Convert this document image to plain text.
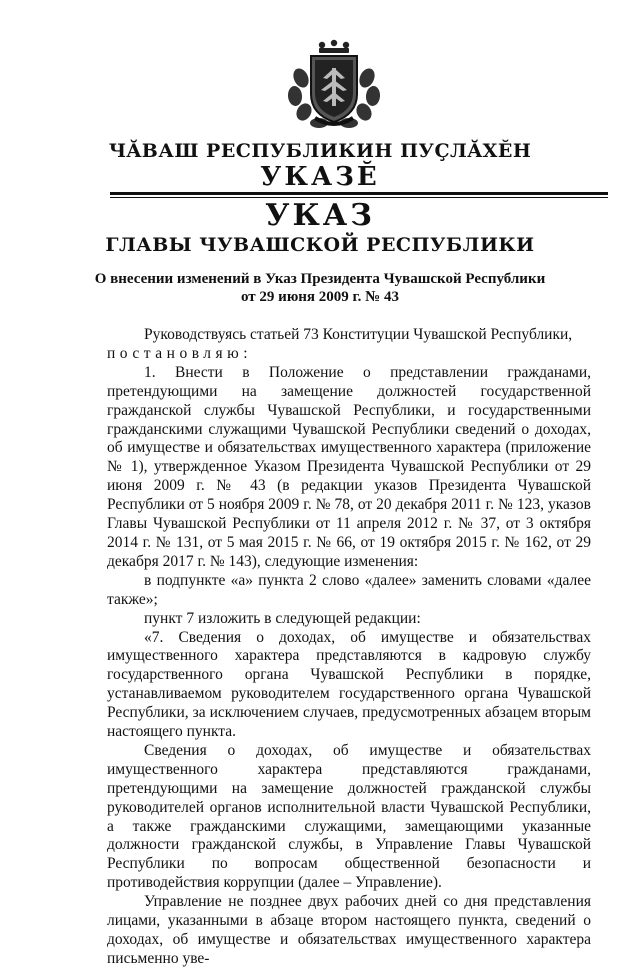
ЧĂВАШ РЕСПУБЛИКИН ПУÇЛĂХĔН
УКАЗĔ
УКАЗ
ГЛАВЫ ЧУВАШСКОЙ РЕСПУБЛИКИ
О внесении изменений в Указ Президента Чувашской Республики
от 29 июня 2009 г. № 43

Руководствуясь статьей 73 Конституции Чувашской Республики,

постановляю:

1. Внести в Положение о представлении гражданами, претендующими на замещение должностей государственной гражданской службы Чувашской Республики, и государственными гражданскими служащими Чувашской Республики сведений о доходах, об имуществе и обязательствах имущественного характера (приложение № 1), утвержденное Указом Президента Чувашской Республики от 29 июня 2009 г. № 43 (в редакции указов Президента Чувашской Республики от 5 ноября 2009 г. № 78, от 20 декабря 2011 г. № 123, указов Главы Чувашской Республики от 11 апреля 2012 г. № 37, от 3 октября 2014 г. № 131, от 5 мая 2015 г. № 66, от 19 октября 2015 г. № 162, от 29 декабря 2017 г. № 143), следующие изменения:

в подпункте «а» пункта 2 слово «далее» заменить словами «далее также»;

пункт 7 изложить в следующей редакции:

«7. Сведения о доходах, об имуществе и обязательствах имущественного характера представляются в кадровую службу государственного органа Чувашской Республики в порядке, устанавливаемом руководителем государственного органа Чувашской Республики, за исключением случаев, предусмотренных абзацем вторым настоящего пункта.

Сведения о доходах, об имуществе и обязательствах имущественного характера представляются гражданами, претендующими на замещение должностей гражданской службы руководителей органов исполнительной власти Чувашской Республики, а также гражданскими служащими, замещающими указанные должности гражданской службы, в Управление Главы Чувашской Республики по вопросам общественной безопасности и противодействия коррупции (далее – Управление).

Управление не позднее двух рабочих дней со дня представления лицами, указанными в абзаце втором настоящего пункта, сведений о доходах, об имуществе и обязательствах имущественного характера письменно уве-
